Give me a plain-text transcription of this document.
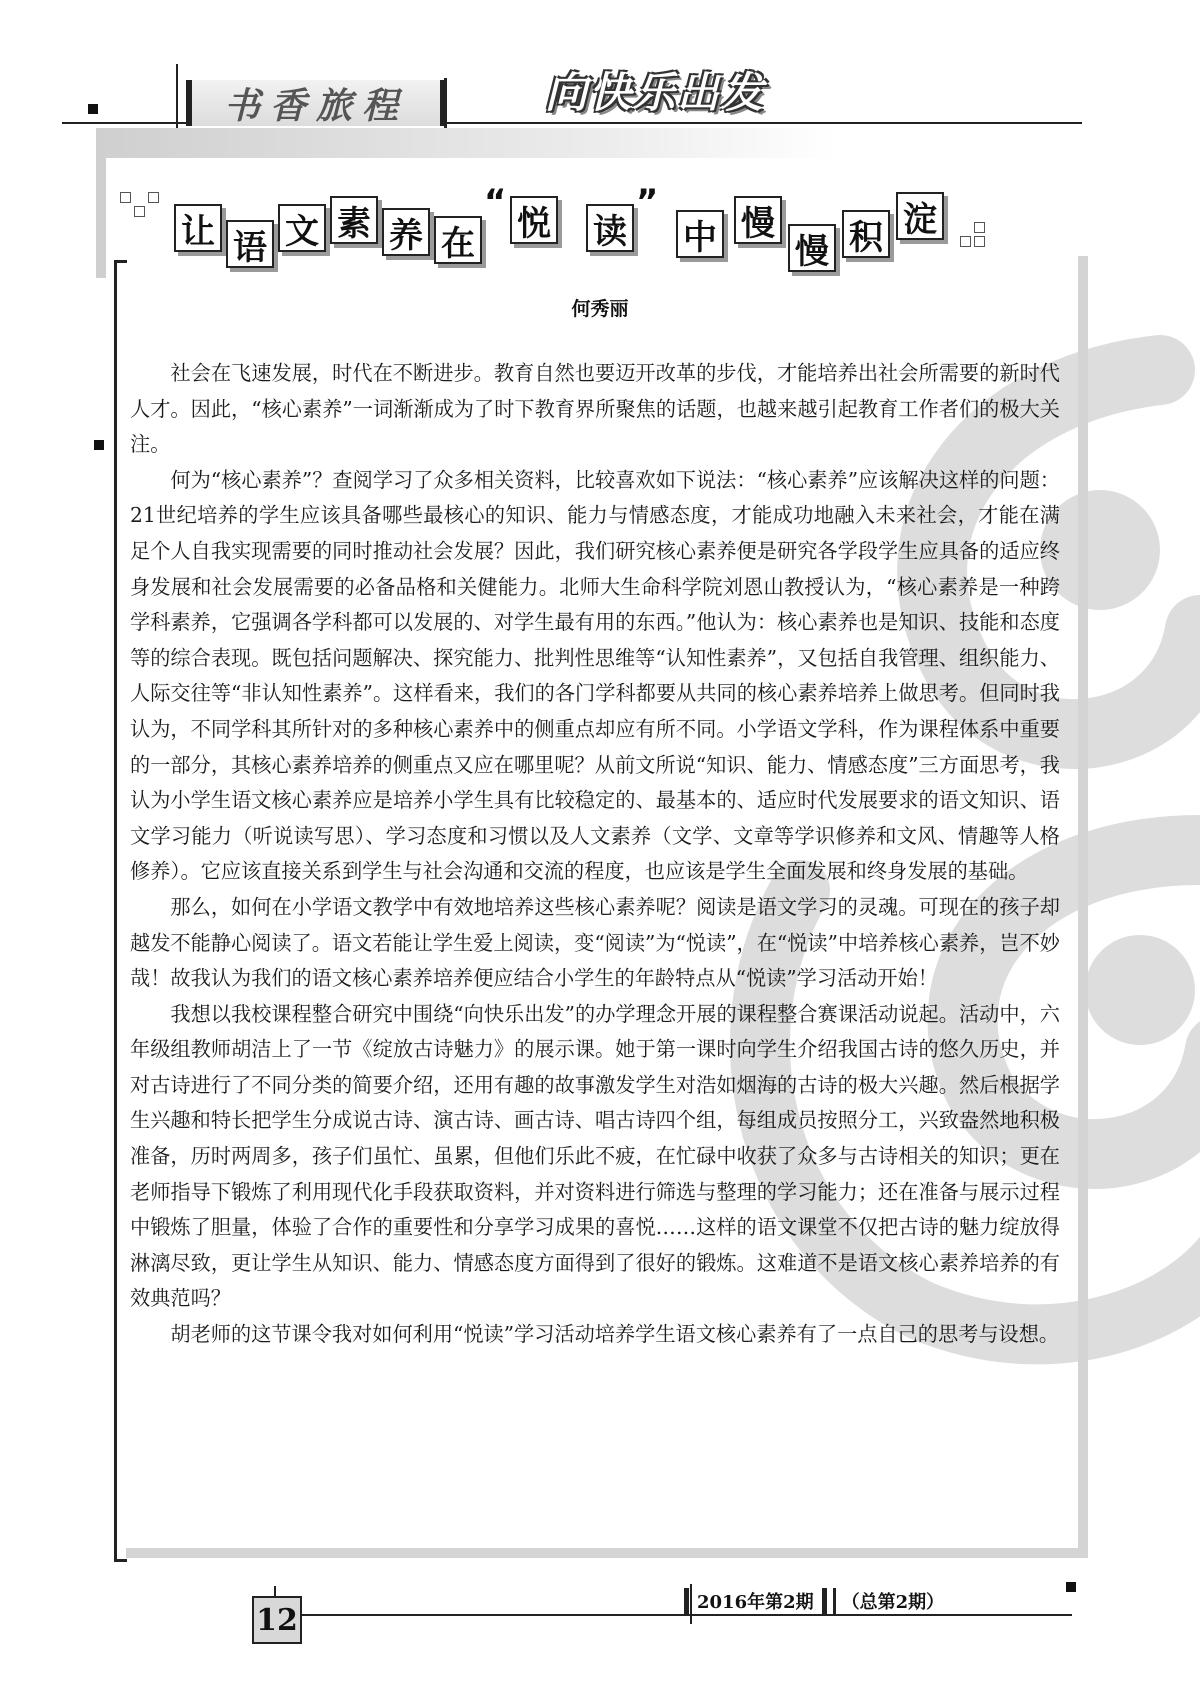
书香旅程	向快乐出发
让 语 文 素 养 在
“
悦 读
”
中 慢
慢 积 淀
何秀丽

社会在飞速发展，时代在不断进步。教育自然也要迈开改革的步伐，才能培养出社会所需要的新时代人才。因此，“核心素养”一词渐渐成为了时下教育界所聚焦的话题，也越来越引起教育工作者们的极大关注。

何为“核心素养”？查阅学习了众多相关资料，比较喜欢如下说法：“核心素养”应该解决这样的问题：21世纪培养的学生应该具备哪些最核心的知识、能力与情感态度，才能成功地融入未来社会，才能在满足个人自我实现需要的同时推动社会发展？因此，我们研究核心素养便是研究各学段学生应具备的适应终身发展和社会发展需要的必备品格和关健能力。北师大生命科学院刘恩山教授认为，“核心素养是一种跨学科素养，它强调各学科都可以发展的、对学生最有用的东西。”他认为：核心素养也是知识、技能和态度等的综合表现。既包括问题解决、探究能力、批判性思维等“认知性素养”，又包括自我管理、组织能力、人际交往等“非认知性素养”。这样看来，我们的各门学科都要从共同的核心素养培养上做思考。但同时我认为，不同学科其所针对的多种核心素养中的侧重点却应有所不同。小学语文学科，作为课程体系中重要的一部分，其核心素养培养的侧重点又应在哪里呢？从前文所说“知识、能力、情感态度”三方面思考，我认为小学生语文核心素养应是培养小学生具有比较稳定的、最基本的、适应时代发展要求的语文知识、语文学习能力（听说读写思）、学习态度和习惯以及人文素养（文学、文章等学识修养和文风、情趣等人格修养）。它应该直接关系到学生与社会沟通和交流的程度，也应该是学生全面发展和终身发展的基础。

那么，如何在小学语文教学中有效地培养这些核心素养呢？阅读是语文学习的灵魂。可现在的孩子却越发不能静心阅读了。语文若能让学生爱上阅读，变“阅读”为“悦读”，在“悦读”中培养核心素养，岂不妙哉！故我认为我们的语文核心素养培养便应结合小学生的年龄特点从“悦读”学习活动开始！

我想以我校课程整合研究中围绕“向快乐出发”的办学理念开展的课程整合赛课活动说起。活动中，六年级组教师胡洁上了一节《绽放古诗魅力》的展示课。她于第一课时向学生介绍我国古诗的悠久历史，并对古诗进行了不同分类的简要介绍，还用有趣的故事激发学生对浩如烟海的古诗的极大兴趣。然后根据学生兴趣和特长把学生分成说古诗、演古诗、画古诗、唱古诗四个组，每组成员按照分工，兴致盎然地积极准备，历时两周多，孩子们虽忙、虽累，但他们乐此不疲，在忙碌中收获了众多与古诗相关的知识；更在老师指导下锻炼了利用现代化手段获取资料，并对资料进行筛选与整理的学习能力；还在准备与展示过程中锻炼了胆量，体验了合作的重要性和分享学习成果的喜悦……这样的语文课堂不仅把古诗的魅力绽放得淋漓尽致，更让学生从知识、能力、情感态度方面得到了很好的锻炼。这难道不是语文核心素养培养的有效典范吗？

胡老师的这节课令我对如何利用“悦读”学习活动培养学生语文核心素养有了一点自己的思考与设想。

12	2016年第2期	（总第2期）
